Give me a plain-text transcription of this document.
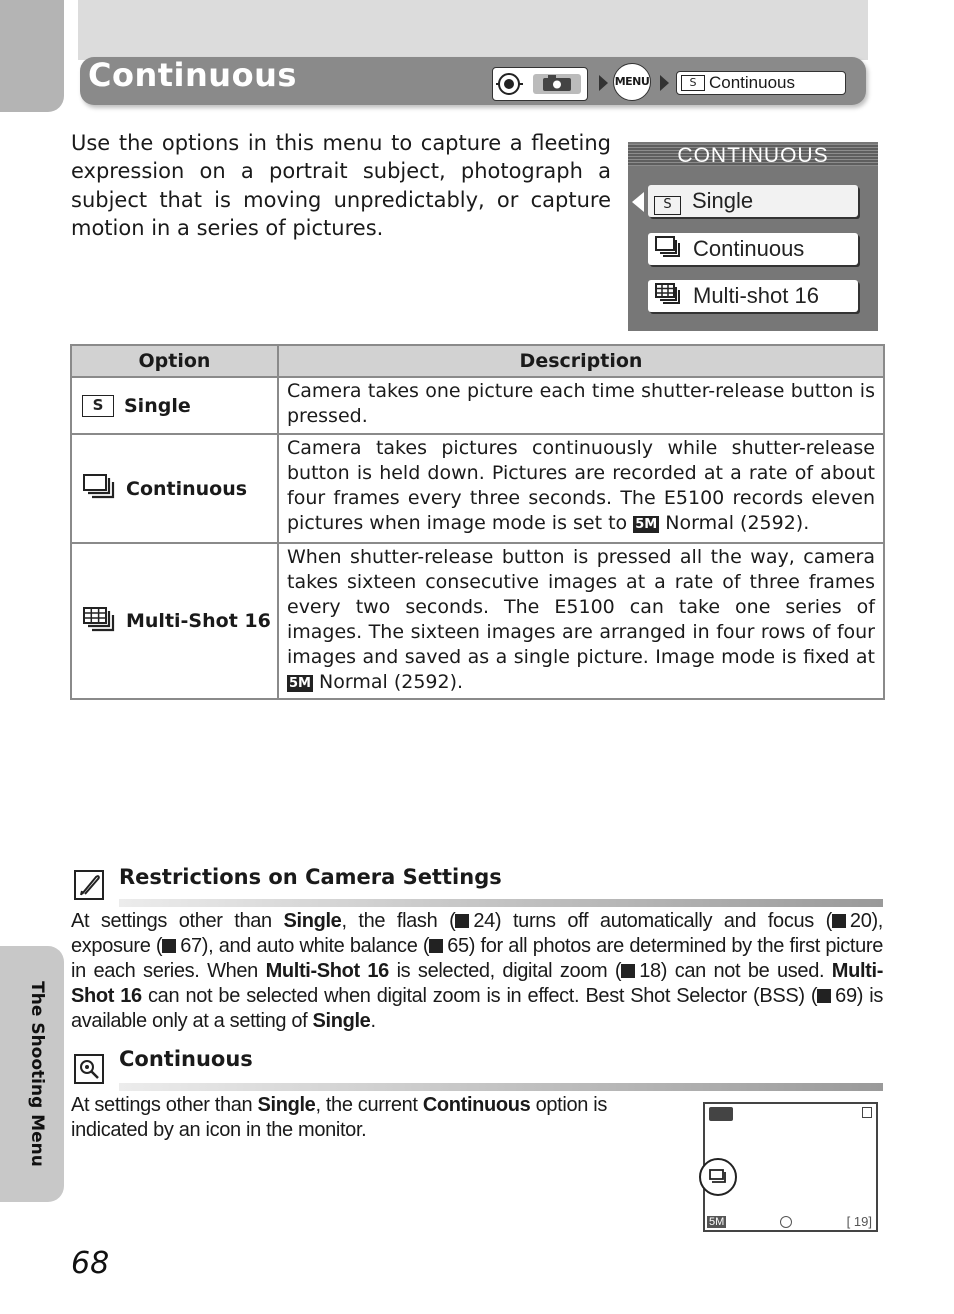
The Shooting Menu
Continuous	MENU	S Continuous

Use the options in this menu to capture a fleeting expression on a portrait subject, photograph a subject that is moving unpredictably, or capture motion in a series of pictures.

CONTINUOUS
S Single
Continuous
Multi-shot 16
Option	Description

S Single	Camera takes one picture each time shutter-release button is pressed.

Continuous	Camera takes pictures continuously while shutter-release button is held down. Pictures are recorded at a rate of about four frames every three seconds. The E5100 records eleven pictures when image mode is set to 5M Normal (2592).

Multi-Shot 16	When shutter-release button is pressed all the way, camera takes sixteen consecutive images at a rate of three frames every two seconds. The E5100 can take one series of images. The sixteen images are arranged in four rows of four images and saved as a single picture. Image mode is fixed at 5M Normal (2592).
Restrictions on Camera Settings

At settings other than Single, the flash ( 24) turns off automatically and focus ( 20), exposure ( 67), and auto white balance ( 65) for all photos are determined by the first picture in each series. When Multi-Shot 16 is selected, digital zoom ( 18) can not be used. Multi-Shot 16 can not be selected when digital zoom is in effect. Best Shot Selector (BSS) ( 69) is available only at a setting of Single.

Continuous

At settings other than Single, the current Continuous option is indicated by an icon in the monitor.

5M	[ 19]
68
